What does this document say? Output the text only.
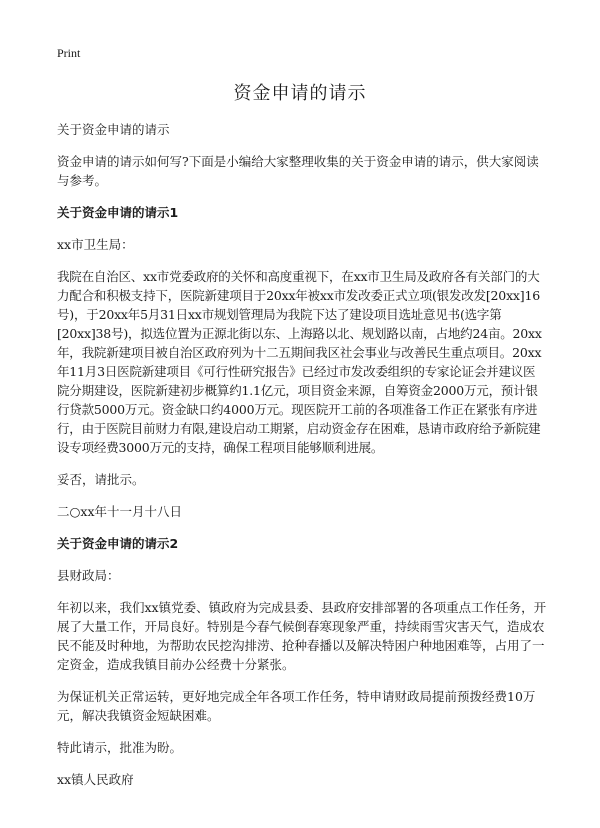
Print
资金申请的请示

关于资金申请的请示

资金申请的请示如何写?下面是小编给大家整理收集的关于资金申请的请示，供大家阅读与参考。

关于资金申请的请示1

xx市卫生局：

我院在自治区、xx市党委政府的关怀和高度重视下，在xx市卫生局及政府各有关部门的大力配合和积极支持下，医院新建项目于20xx年被xx市发改委正式立项(银发改发[20xx]16号)，于20xx年5月31日xx市规划管理局为我院下达了建设项目选址意见书(选字第[20xx]38号)，拟选位置为正源北街以东、上海路以北、规划路以南，占地约24亩。20xx年，我院新建项目被自治区政府列为十二五期间我区社会事业与改善民生重点项目。20xx年11月3日医院新建项目《可行性研究报告》已经过市发改委组织的专家论证会并建议医院分期建设，医院新建初步概算约1.1亿元，项目资金来源，自筹资金2000万元，预计银行贷款5000万元。资金缺口约4000万元。现医院开工前的各项准备工作正在紧张有序进行，由于医院目前财力有限,建设启动工期紧，启动资金存在困难，恳请市政府给予新院建设专项经费3000万元的支持，确保工程项目能够顺利进展。

妥否，请批示。

二○xx年十一月十八日

关于资金申请的请示2

县财政局：

年初以来，我们xx镇党委、镇政府为完成县委、县政府安排部署的各项重点工作任务，开展了大量工作，开局良好。特别是今春气候倒春寒现象严重，持续雨雪灾害天气，造成农民不能及时种地，为帮助农民挖沟排涝、抢种春播以及解决特困户种地困难等，占用了一定资金，造成我镇目前办公经费十分紧张。

为保证机关正常运转，更好地完成全年各项工作任务，特申请财政局提前预拨经费10万元，解决我镇资金短缺困难。

特此请示，批准为盼。

xx镇人民政府
